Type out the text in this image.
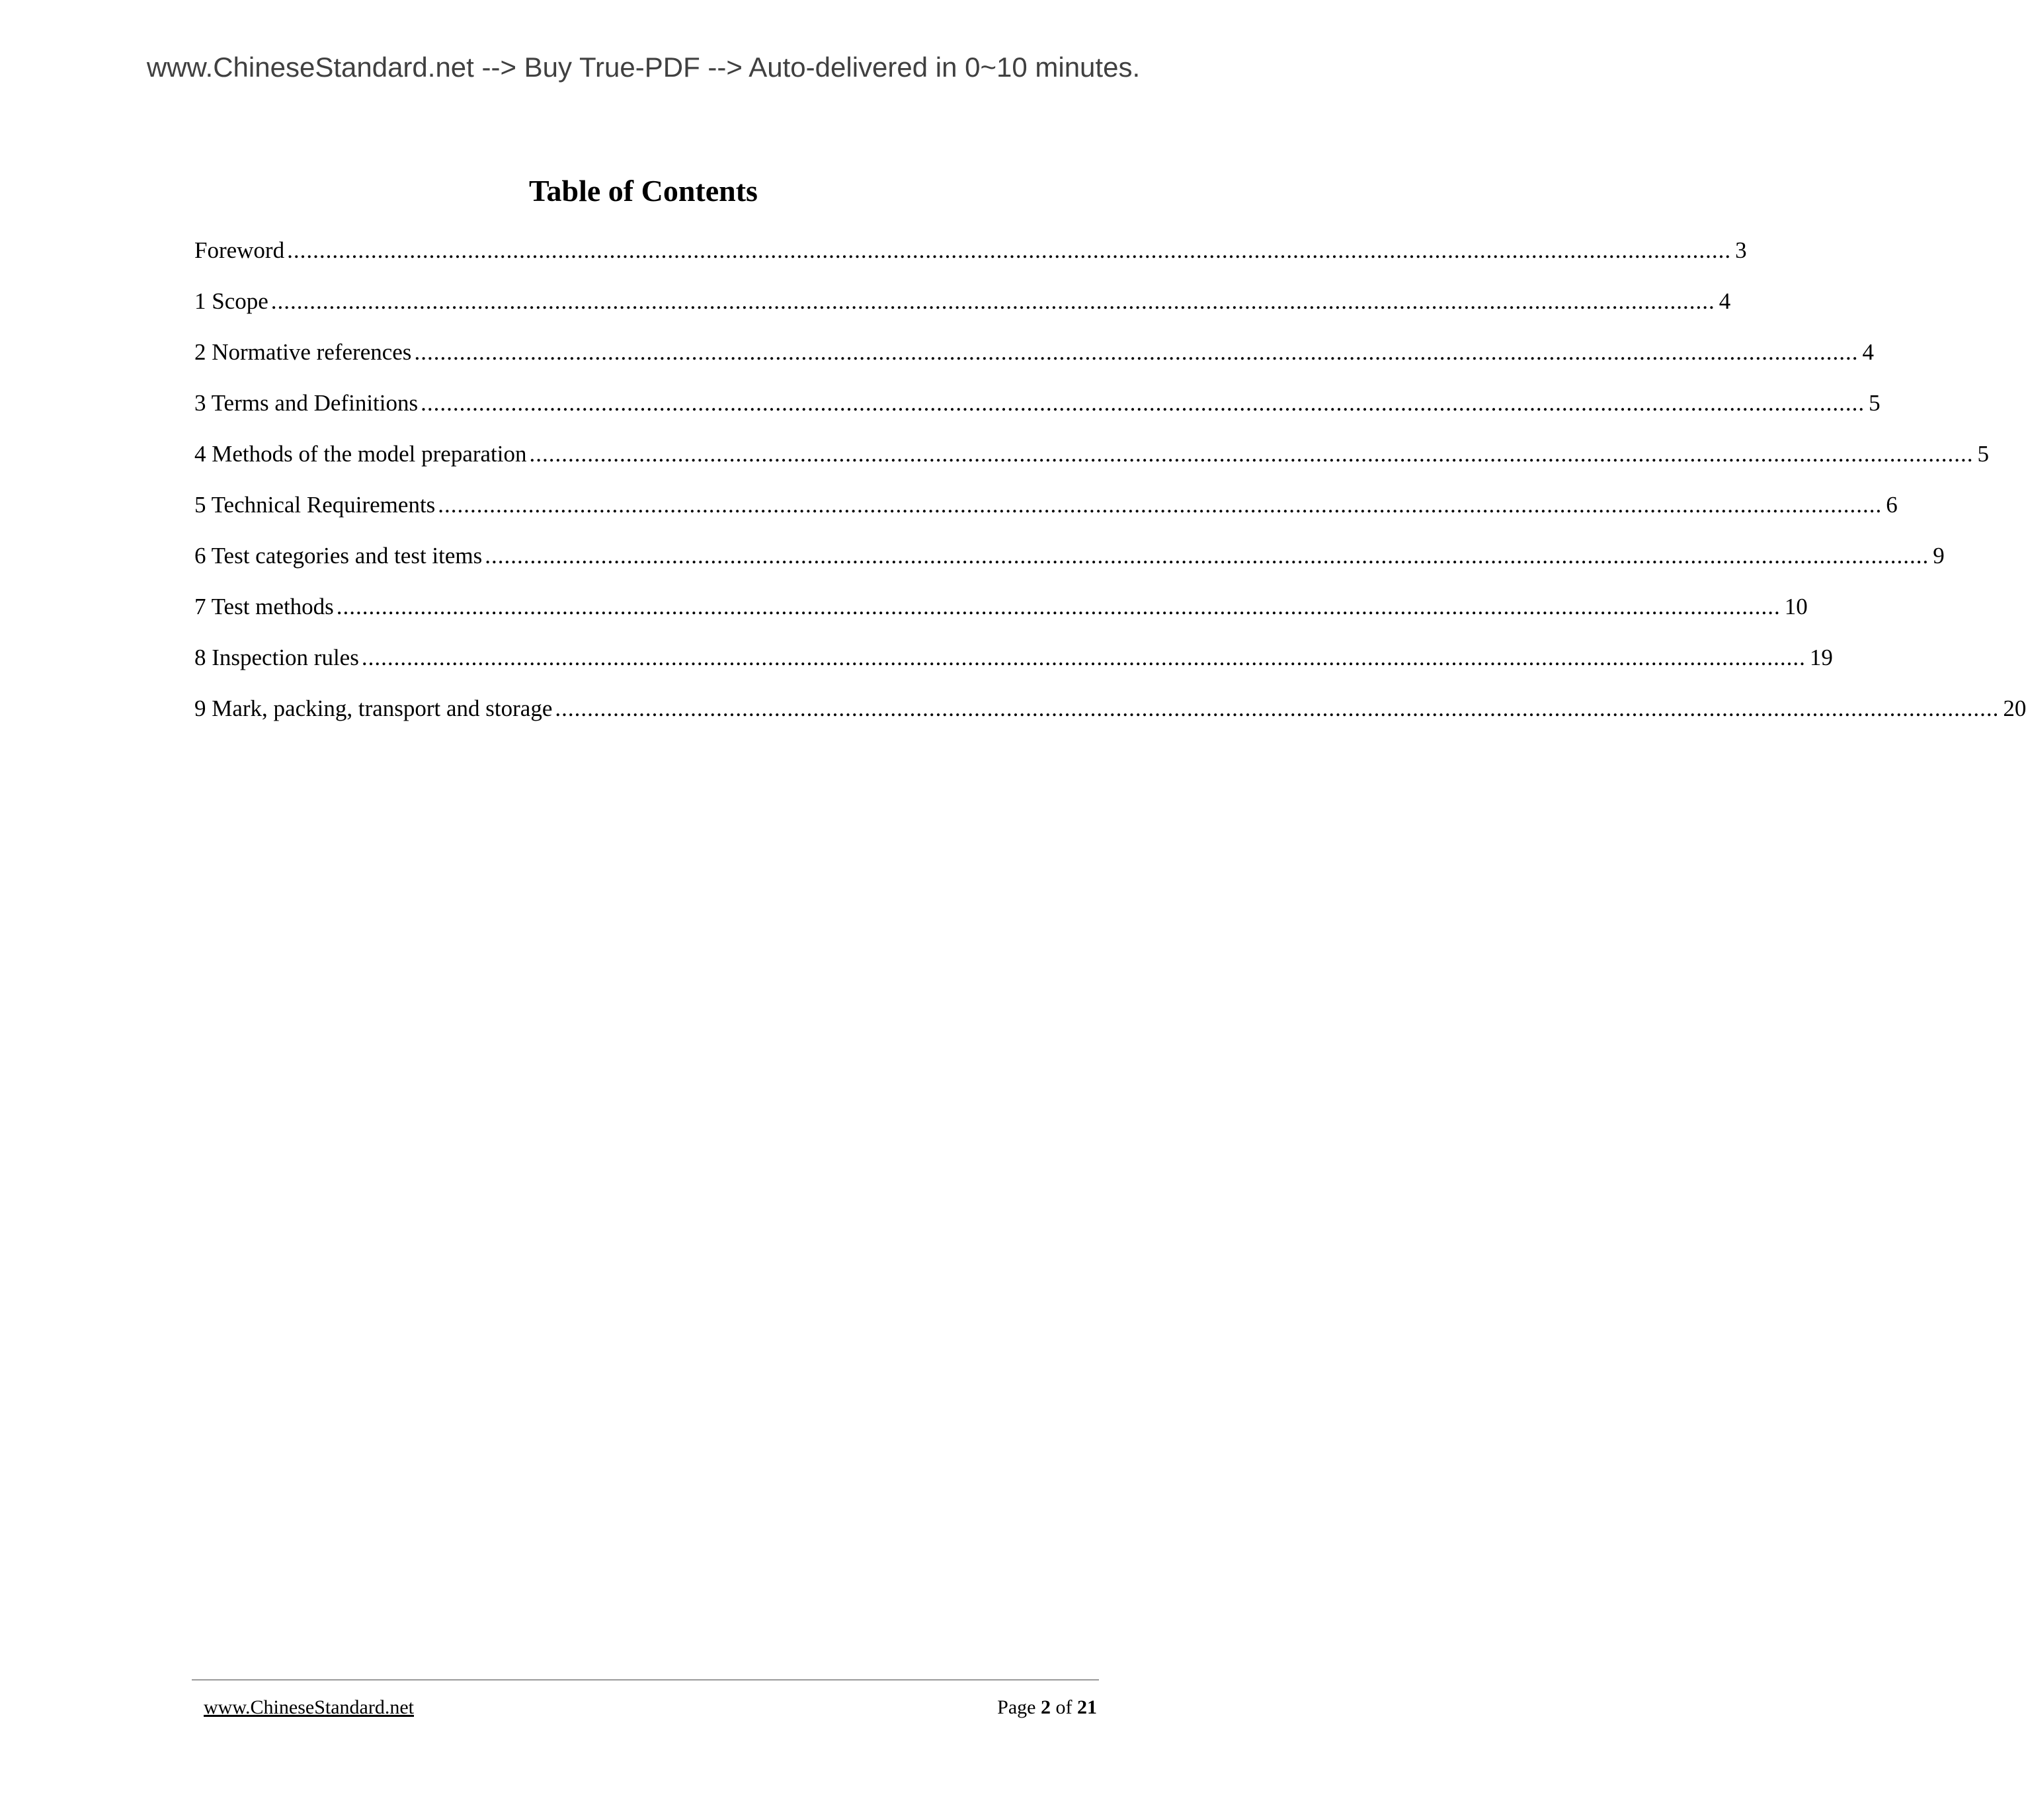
www.ChineseStandard.net --> Buy True-PDF --> Auto-delivered in 0~10 minutes.
Table of Contents
Foreword ................................................................................................................................................................................................................................ 3
1 Scope ................................................................................................................................................................................................................................ 4
2 Normative references ................................................................................................................................................................................................................................ 4
3 Terms and Definitions ................................................................................................................................................................................................................................ 5
4 Methods of the model preparation ................................................................................................................................................................................................................................ 5
5 Technical Requirements ................................................................................................................................................................................................................................ 6
6 Test categories and test items ................................................................................................................................................................................................................................ 9
7 Test methods ................................................................................................................................................................................................................................ 10
8 Inspection rules ................................................................................................................................................................................................................................ 19
9 Mark, packing, transport and storage ................................................................................................................................................................................................................................ 20
www.ChineseStandard.net	Page 2 of 21
